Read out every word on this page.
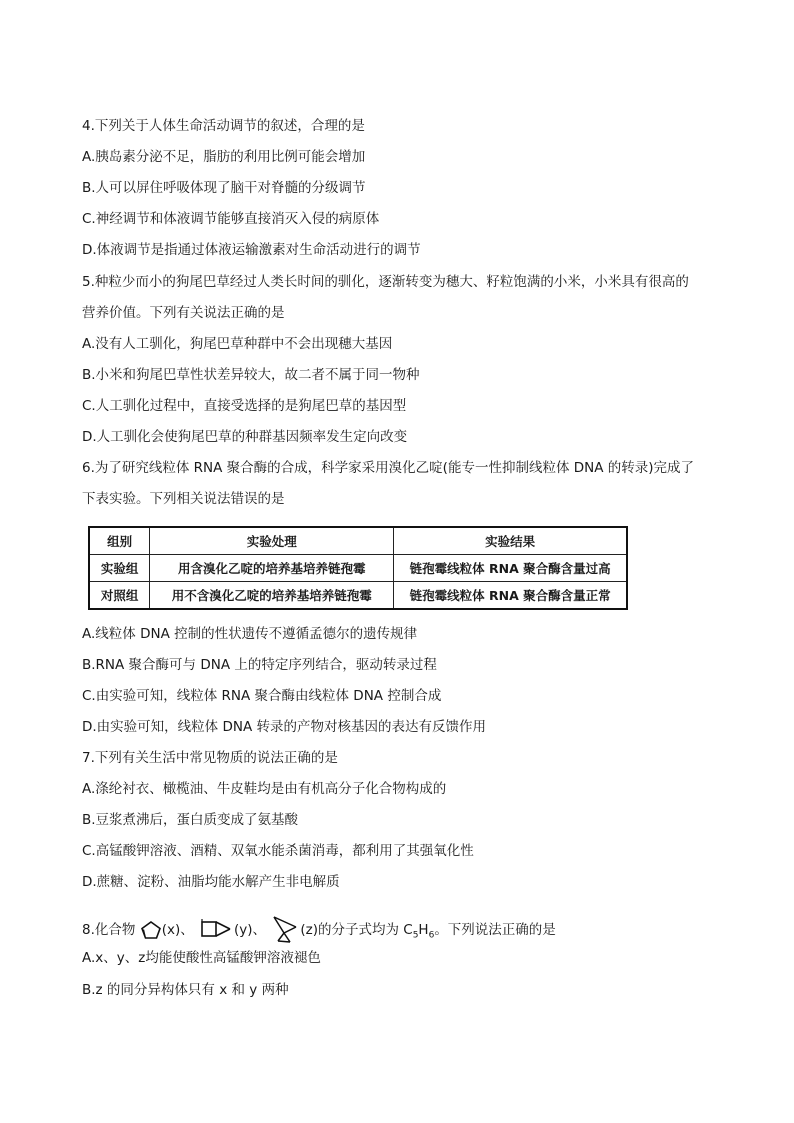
4.下列关于人体生命活动调节的叙述，合理的是
A.胰岛素分泌不足，脂肪的利用比例可能会增加
B.人可以屏住呼吸体现了脑干对脊髓的分级调节
C.神经调节和体液调节能够直接消灭入侵的病原体
D.体液调节是指通过体液运输激素对生命活动进行的调节
5.种粒少而小的狗尾巴草经过人类长时间的驯化，逐渐转变为穗大、籽粒饱满的小米，小米具有很高的
营养价值。下列有关说法正确的是
A.没有人工驯化，狗尾巴草种群中不会出现穗大基因
B.小米和狗尾巴草性状差异较大，故二者不属于同一物种
C.人工驯化过程中，直接受选择的是狗尾巴草的基因型
D.人工驯化会使狗尾巴草的种群基因频率发生定向改变
6.为了研究线粒体 RNA 聚合酶的合成，科学家采用溴化乙啶(能专一性抑制线粒体 DNA 的转录)完成了
下表实验。下列相关说法错误的是
组别	实验处理	实验结果
实验组	用含溴化乙啶的培养基培养链孢霉	链孢霉线粒体 RNA 聚合酶含量过高
对照组	用不含溴化乙啶的培养基培养链孢霉	链孢霉线粒体 RNA 聚合酶含量正常
A.线粒体 DNA 控制的性状遗传不遵循孟德尔的遗传规律
B.RNA 聚合酶可与 DNA 上的特定序列结合，驱动转录过程
C.由实验可知，线粒体 RNA 聚合酶由线粒体 DNA 控制合成
D.由实验可知，线粒体 DNA 转录的产物对核基因的表达有反馈作用
7.下列有关生活中常见物质的说法正确的是
A.涤纶衬衣、橄榄油、牛皮鞋均是由有机高分子化合物构成的
B.豆浆煮沸后，蛋白质变成了氨基酸
C.高锰酸钾溶液、酒精、双氧水能杀菌消毒，都利用了其强氧化性
D.蔗糖、淀粉、油脂均能水解产生非电解质
8.化合物 (x)、	(y)、	(z)的分子式均为 $C_5H_6$。下列说法正确的是
A.x、y、z均能使酸性高锰酸钾溶液褪色
B.z 的同分异构体只有 x 和 y 两种
